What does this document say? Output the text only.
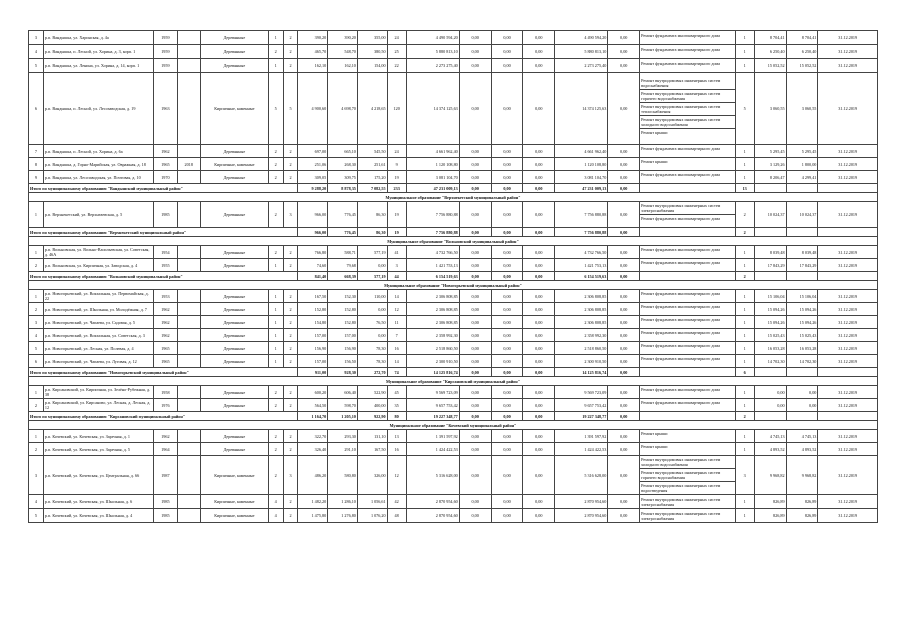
3	р.п. Вандышка, ул. Харинская, д. 4а	1959		Деревянные	1	2	390,20	390,20	355,00	24	4 490 594,20	0,00	0,00	0,00	4 490 594,20	0,00	Ремонт фундамента многоквартирного дома	1	8 704,41	8 704,41	31.12.2019
4	р.п. Вандышка, п. Лесной, ул. Хорина, д. 3, корп. 1	1959		Деревянные	2	2	465,70	548,70	380,50	25	5 880 813,10	0,00	0,00	0,00	5 880 813,10	0,00	Ремонт фундамента многоквартирного дома	1	6 250,40	6 250,40	31.12.2019
5	р.п. Вандышка, ул. Ленина, ул. Хорина, д. 14, корп. 1	1959		Деревянные	1	2	162,10	162,10	154,00	22	2 273 275,40	0,00	0,00	0,00	2 273 275,40	0,00	Ремонт фундамента многоквартирного дома	1	15 052,52	15 052,52	31.12.2019
6	р.п. Вандышка, п. Лесной, ул. Лесозаводская, д. 19	1963		Кирпичные, каменные	5	5	4 900,60	4 698,70	4 218,65	120	14 374 125,63	0,00	0,00	0,00	14 374 125,63	0,00	Ремонт внутридомовых инженерных систем водоснабжения
Ремонт внутридомовых инженерных систем горячего водоснабжения
Ремонт внутридомовых инженерных систем теплоснабжения
Ремонт внутридомовых инженерных систем холодного водоснабжения
Ремонт крыши	5	3 060,55	3 060,55	31.12.2019
7	р.п. Вандышка, п. Лесной, ул. Хорина, д. 6а	1962		Деревянные	2	2	697,00	665,10	545,50	24	4 661 962,40	0,00	0,00	0,00	4 661 962,40	0,00	Ремонт фундамента многоквартирного дома	1	5 295,45	5 295,45	31.12.2019
8	р.п. Вандышка, д. Горно-Марийская, ул. Овражная, д. 18	1965	2018	Кирпичные, каменные	2	2	251,06	268,30	251,61	9	1 120 108,80	0,00	0,00	0,00	1 120 108,80	0,00	Ремонт крыши	1	3 129,26	1 800,00	31.12.2019
9	р.п. Вандышка, ул. Лесозаводская, ул. Почтовая, д. 10	1970		Деревянные	2	2	309,05	309,75	175,20	19	3 081 104,70	0,00	0,00	0,00	3 081 104,70	0,00	Ремонт фундамента многоквартирного дома	1	8 206,47	4 299,41	31.12.2019
Итого по муниципальному образованию "Вандышский муниципальный район"							9 288,20	8 878,35	7 082,55	233	47 231 009,13	0,00	0,00	0,00	47 231 009,13	0,00		13			
Муниципальное образование "Верхнекетский муниципальный район"																					
1	р.п. Верхнекетский, ул. Верхнеаевская, д. 5	1985		Деревянные	2	3	966,00	776,45	86,30	19	7 756 880,88	0,00	0,00	0,00	7 756 880,88	0,00	Ремонт внутридомовых инженерных систем электроснабжения
Ремонт фундамента многоквартирного дома	2	10 024,37	10 024,37	31.12.2019
Итого по муниципальному образованию "Верхнекетский муниципальный район"							966,00	776,45	86,30	19	7 756 880,88	0,00	0,00	0,00	7 756 880,88	0,00		2			
Муниципальное образование "Вольновский муниципальный район"																					
1	р.п. Вольновская, ул. Вольно-Васильевская, ул. Советская, д. 46А	1954		Деревянные	2	2	766,80	588,71	577,19	41	4 732 766,50	0,00	0,00	0,00	4 732 766,50	0,00	Ремонт фундамента многоквартирного дома	1	8 039,48	8 039,48	31.12.2019
2	р.п. Вольновская, ул. Кирпичная, ул. Заводская, д. 4	1955		Деревянные	1	2	74,60	79,68	0,00	3	1 421 753,13	0,00	0,00	0,00	1 421 753,13	0,00	Ремонт фундамента многоквартирного дома	1	17 843,29	17 843,29	31.12.2019
Итого по муниципальному образованию "Вольновский муниципальный район"							841,40	668,39	577,19	44	6 154 519,63	0,00	0,00	0,00	6 154 519,63	0,00		2			
Муниципальное образование "Новогорьевский муниципальный район"																					
1	р.п. Новогорьевский, ул. Вокзальная, ул. Первомайская, д. 22	1953		Деревянные	1	2	167,50	152,30	110,00	14	2 306 808,85	0,00	0,00	0,00	2 306 808,85	0,00	Ремонт фундамента многоквартирного дома	1	15 106,04	15 106,04	31.12.2019
2	р.п. Новогорьевский, ул. Школьная, ул. Молодёжная, д. 7	1962		Деревянные	1	2	152,80	152,80	0,00	12	2 306 808,85	0,00	0,00	0,00	2 306 808,85	0,00	Ремонт фундамента многоквартирного дома	1	15 094,26	15 094,26	31.12.2019
3	р.п. Новогорьевский, ул. Чапаева, ул. Садовая, д. 5	1962		Деревянные	1	2	154,80	152,80	76,50	11	2 306 808,85	0,00	0,00	0,00	2 306 808,85	0,00	Ремонт фундамента многоквартирного дома	1	15 094,26	15 094,26	31.12.2019
4	р.п. Новогорьевский, ул. Вокзальная, ул. Советская, д. 3	1962		Деревянные	1	2	157,00	157,00	0,00	7	2 358 992,30	0,00	0,00	0,00	2 358 992,30	0,00	Ремонт фундамента многоквартирного дома	1	15 025,43	15 025,43	31.12.2019
5	р.п. Новогорьевский, ул. Лесная, ул. Полевая, д. 4	1965		Деревянные	1	2	156,90	156,90	78,30	16	2 518 860,50	0,00	0,00	0,00	2 518 860,50	0,00	Ремонт фундамента многоквартирного дома	1	16 053,28	16 053,28	31.12.2019
6	р.п. Новогорьевский, ул. Чапаева, ул. Луговая, д. 12	1965		Деревянные	1	2	157,00	156,50	78,30	14	2 300 910,50	0,00	0,00	0,00	2 300 910,50	0,00	Ремонт фундамента многоквартирного дома	1	14 702,30	14 702,30	31.12.2019
Итого по муниципальному образованию "Новогорьевский муниципальный район"							911,00	928,30	272,70	74	14 125 816,74	0,00	0,00	0,00	14 125 816,74	0,00		6			
Муниципальное образование "Кирсановский муниципальный район"																					
1	р.п. Кирсановский, ул. Кирпичная, ул. Зелёно-Рубежная, д. 38	1958		Деревянные	2	2	600,20	606,40	522,90	45	9 569 723,09	0,00	0,00	0,00	9 569 723,09	0,00	Ремонт фундамента многоквартирного дома	1	0,00	0,00	31.12.2019
2	р.п. Кирсановский, ул. Кирсаново, ул. Лесная, д. Лесная, д. 12	1976		Деревянные	2	2	564,50	598,70	400,00	35	9 657 753,42	0,00	0,00	0,00	9 657 753,42	0,00	Ремонт фундамента многоквартирного дома	1	0,00	0,00	31.12.2019
Итого по муниципальному образованию "Кирсановский муниципальный район"							1 164,70	1 205,10	922,90	80	19 227 348,77	0,00	0,00	0,00	19 227 348,77	0,00		2			
Муниципальное образование "Кочевский муниципальный район"																					
1	р.п. Кочевский, ул. Кочевская, ул. Заречная, д. 1	1962		Деревянные	2	2	322,70	293,30	131,10	13	1 391 597,92	0,00	0,00	0,00	1 391 597,92	0,00	Ремонт крыши	1	4 745,13	4 745,13	31.12.2019
2	р.п. Кочевский, ул. Кочевская, ул. Заречная, д. 5	1964		Деревянные	2	2	326,40	291,10	167,50	16	1 424 422,53	0,00	0,00	0,00	1 424 422,53	0,00	Ремонт крыши	1	4 893,52	4 893,52	31.12.2019
3	р.п. Кочевский, ул. Кочевская, ул. Центральная, д. 66	1987		Кирпичные, каменные	2	3	486,20	580,80	326,00	12	5 316 628,00	0,00	0,00	0,00	5 316 628,00	0,00	Ремонт внутридомовых инженерных систем холодного водоснабжения
Ремонт внутридомовых инженерных систем горячего водоснабжения
Ремонт внутридомовых инженерных систем водоотведения	3	9 968,82	9 968,82	31.12.2019
4	р.п. Кочевский, ул. Кочевская, ул. Школьная, д. 6	1985		Кирпичные, каменные	4	2	1 482,20	1 286,10	1 056,61	42	2 870 954,60	0,00	0,00	0,00	2 870 954,60	0,00	Ремонт внутридомовых инженерных систем электроснабжения	1	826,89	826,89	31.12.2019
5	р.п. Кочевский, ул. Кочевская, ул. Школьная, д. 4	1985		Кирпичные, каменные	4	2	1 475,80	1 276,80	1 076,20	48	2 870 954,60	0,00	0,00	0,00	2 870 954,60	0,00	Ремонт внутридомовых инженерных систем электроснабжения	1	826,89	826,89	31.12.2019
